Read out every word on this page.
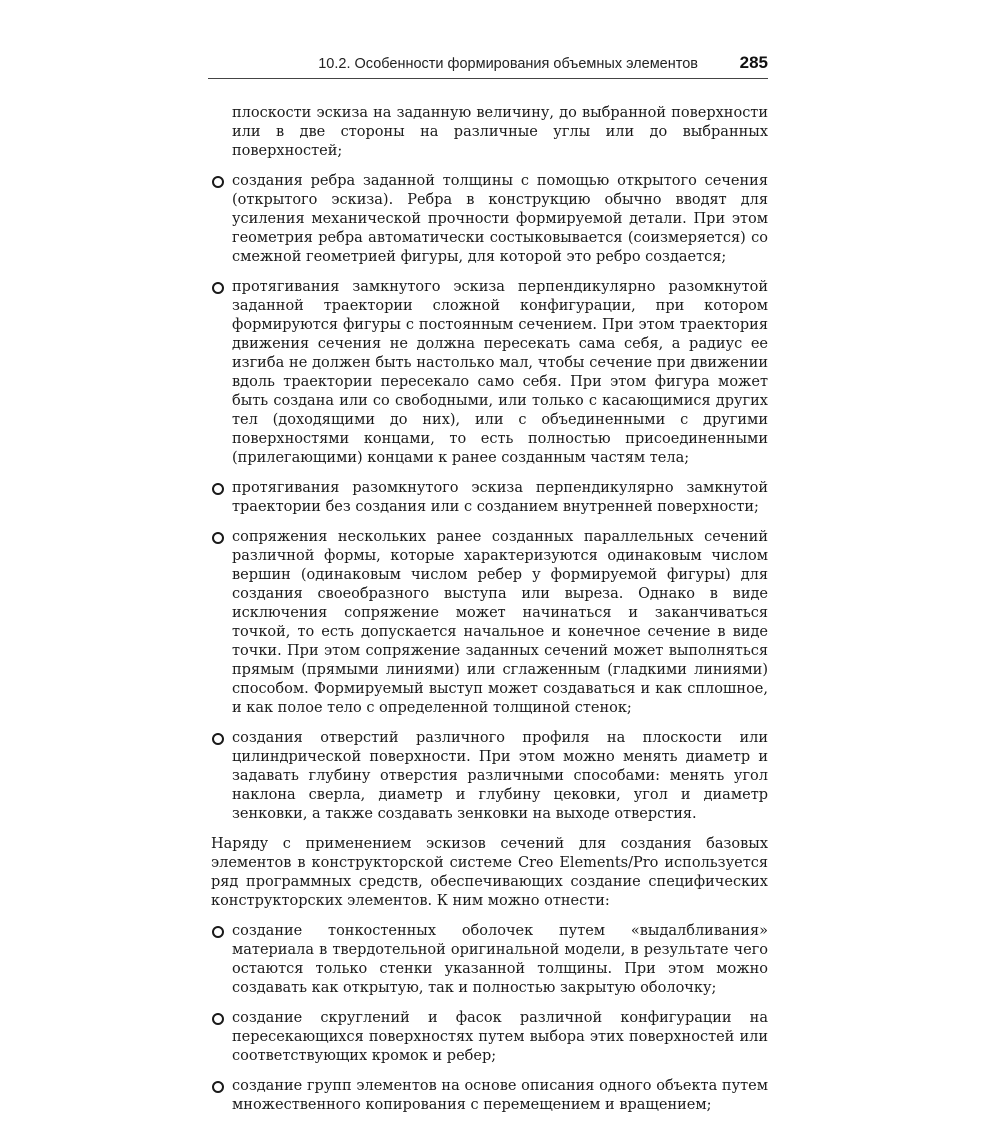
10.2. Особенности формирования объемных элементов 285

плоскости эскиза на заданную величину, до выбранной поверхности или в две стороны на различные углы или до выбранных поверхностей;

создания ребра заданной толщины с помощью открытого сечения (открытого эскиза). Ребра в конструкцию обычно вводят для усиления механической прочности формируемой детали. При этом геометрия ребра автоматически состыковывается (соизмеряется) со смежной геометрией фигуры, для которой это ребро создается;
протягивания замкнутого эскиза перпендикулярно разомкнутой заданной траектории сложной конфигурации, при котором формируются фигуры с постоянным сечением. При этом траектория движения сечения не должна пересекать сама себя, а радиус ее изгиба не должен быть настолько мал, чтобы сечение при движении вдоль траектории пересекало само себя. При этом фигура может быть создана или со свободными, или только с касающимися других тел (доходящими до них), или с объединенными с другими поверхностями концами, то есть полностью присоединенными (прилегающими) концами к ранее созданным частям тела;
протягивания разомкнутого эскиза перпендикулярно замкнутой траектории без создания или с созданием внутренней поверхности;
сопряжения нескольких ранее созданных параллельных сечений различной формы, которые характеризуются одинаковым числом вершин (одинаковым числом ребер у формируемой фигуры) для создания своеобразного выступа или выреза. Однако в виде исключения сопряжение может начинаться и заканчиваться точкой, то есть допускается начальное и конечное сечение в виде точки. При этом сопряжение заданных сечений может выполняться прямым (прямыми линиями) или сглаженным (гладкими линиями) способом. Формируемый выступ может создаваться и как сплошное, и как полое тело с определенной толщиной стенок;
создания отверстий различного профиля на плоскости или цилиндрической поверхности. При этом можно менять диаметр и задавать глубину отверстия различными способами: менять угол наклона сверла, диаметр и глубину цековки, угол и диаметр зенковки, а также создавать зенковки на выходе отверстия.

Наряду с применением эскизов сечений для создания базовых элементов в конструкторской системе Creo Elements/Pro используется ряд программных средств, обеспечивающих создание специфических конструкторских элементов. К ним можно отнести:

создание тонкостенных оболочек путем «выдалбливания» материала в твердотельной оригинальной модели, в результате чего остаются только стенки указанной толщины. При этом можно создавать как открытую, так и полностью закрытую оболочку;
создание скруглений и фасок различной конфигурации на пересекающихся поверхностях путем выбора этих поверхностей или соответствующих кромок и ребер;
создание групп элементов на основе описания одного объекта путем множественного копирования с перемещением и вращением;
